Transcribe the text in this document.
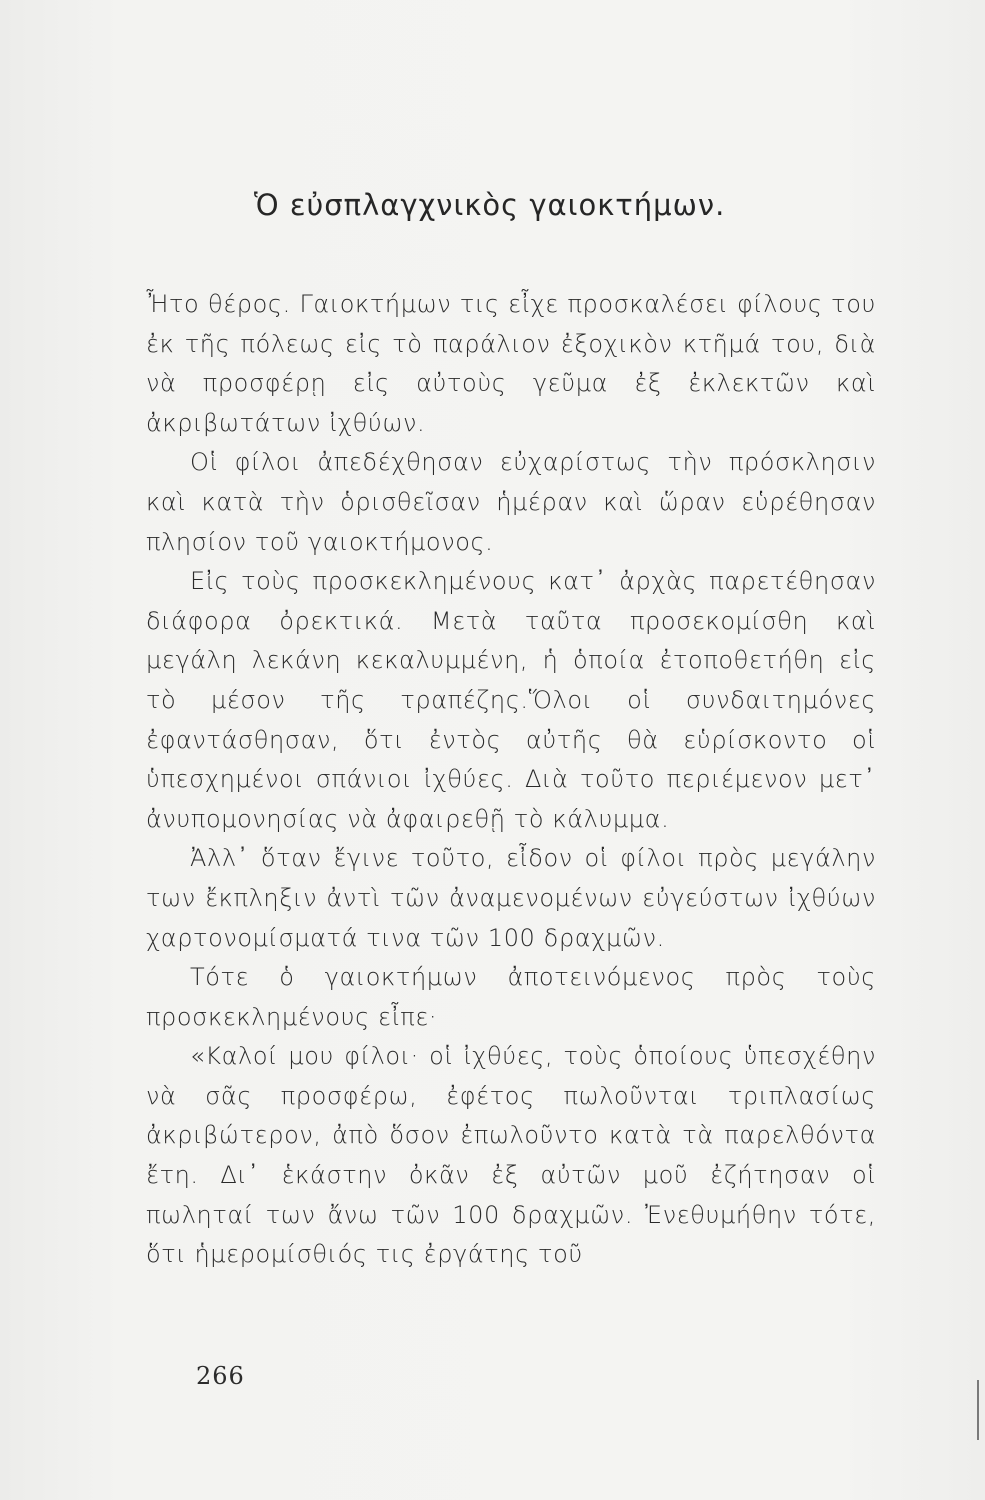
Ὁ εὐσπλαγχνικὸς γαιοκτήμων.

Ἦτο θέρος. Γαιοκτήμων τις εἶχε προσκαλέσει φίλους του ἐκ τῆς πόλεως εἰς τὸ παράλιον ἐξοχικὸν κτῆμά του, διὰ νὰ προσφέρῃ εἰς αὐτοὺς γεῦμα ἐξ ἐκλεκτῶν καὶ ἀκριβωτάτων ἰχθύων.

Οἱ φίλοι ἀπεδέχθησαν εὐχαρίστως τὴν πρόσκλησιν καὶ κατὰ τὴν ὁρισθεῖσαν ἡμέραν καὶ ὥραν εὑρέθησαν πλησίον τοῦ γαιοκτήμονος.

Εἰς τοὺς προσκεκλημένους κατ᾽ ἀρχὰς παρετέθησαν διάφορα ὀρεκτικά. Μετὰ ταῦτα προσεκομίσθη καὶ μεγάλη λεκάνη κεκαλυμμένη, ἡ ὁποία ἐτοποθετήθη εἰς τὸ μέσον τῆς τραπέζης.Ὅλοι οἱ συνδαιτημόνες ἐφαντάσθησαν, ὅτι ἐντὸς αὐτῆς θὰ εὑρίσκοντο οἱ ὑπεσχημένοι σπάνιοι ἰχθύες. Διὰ τοῦτο περιέμενον μετ᾽ ἀνυπομονησίας νὰ ἀφαιρεθῇ τὸ κάλυμμα.

Ἀλλ᾽ ὅταν ἔγινε τοῦτο, εἶδον οἱ φίλοι πρὸς μεγάλην των ἔκπληξιν ἀντὶ τῶν ἀναμενομένων εὐγεύστων ἰχθύων χαρτονομίσματά τινα τῶν 100 δραχμῶν.

Τότε ὁ γαιοκτήμων ἀποτεινόμενος πρὸς τοὺς προσκεκλημένους εἶπε·

«Καλοί μου φίλοι· οἱ ἰχθύες, τοὺς ὁποίους ὑπεσχέθην νὰ σᾶς προσφέρω, ἐφέτος πωλοῦνται τριπλασίως ἀκριβώτερον, ἀπὸ ὅσον ἐπωλοῦντο κατὰ τὰ παρελθόντα ἔτη. Δι᾽ ἑκάστην ὀκᾶν ἐξ αὐτῶν μοῦ ἐζήτησαν οἱ πωληταί των ἄνω τῶν 100 δραχμῶν. Ἐνεθυμήθην τότε, ὅτι ἡμερομίσθιός τις ἐργάτης τοῦ

266
